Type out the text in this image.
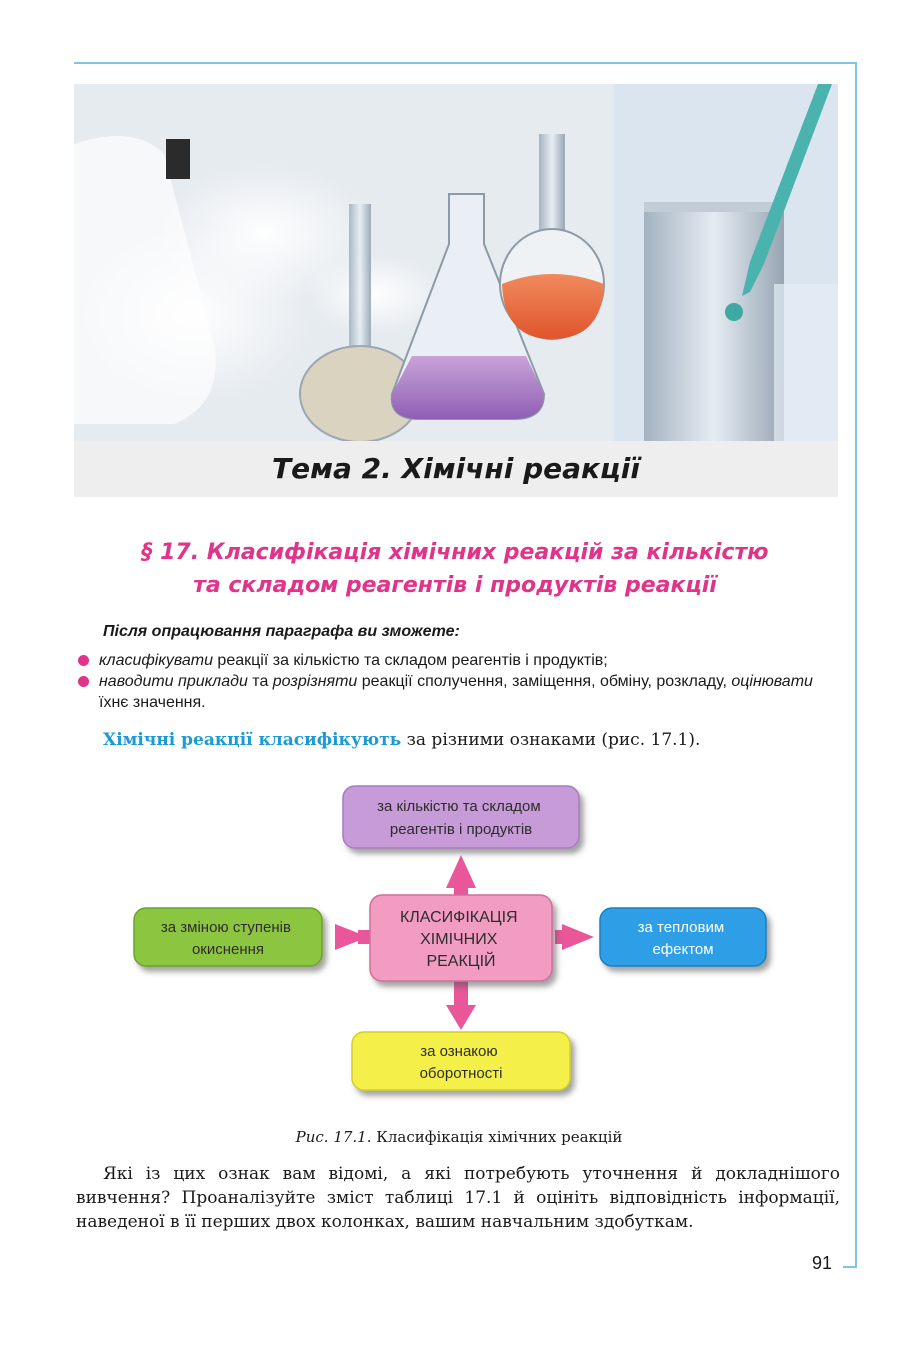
Тема 2. Хімічні реакції
§ 17. Класифікація хімічних реакцій за кількістю
та складом реагентів і продуктів реакції
Після опрацювання параграфа ви зможете:
класифікувати реакції за кількістю та складом реагентів і продуктів;
наводити приклади та розрізняти реакції сполучення, заміщення, обміну, розкладу, оцінювати їхнє значення.
Хімічні реакції класифікують за різними ознаками (рис. 17.1).
за кількістю та складом реагентів і продуктів
КЛАСИФІКАЦІЯ ХІМІЧНИХ РЕАКЦІЙ
за зміною ступенів окиснення
за тепловим ефектом
за ознакою оборотності
Рис. 17.1. Класифікація хімічних реакцій

Які із цих ознак вам відомі, а які потребують уточнення й докладнішого вивчення? Проаналізуйте зміст таблиці 17.1 й оцініть відповідність інформації, наведеної в її перших двох колонках, вашим навчальним здобуткам.

91
